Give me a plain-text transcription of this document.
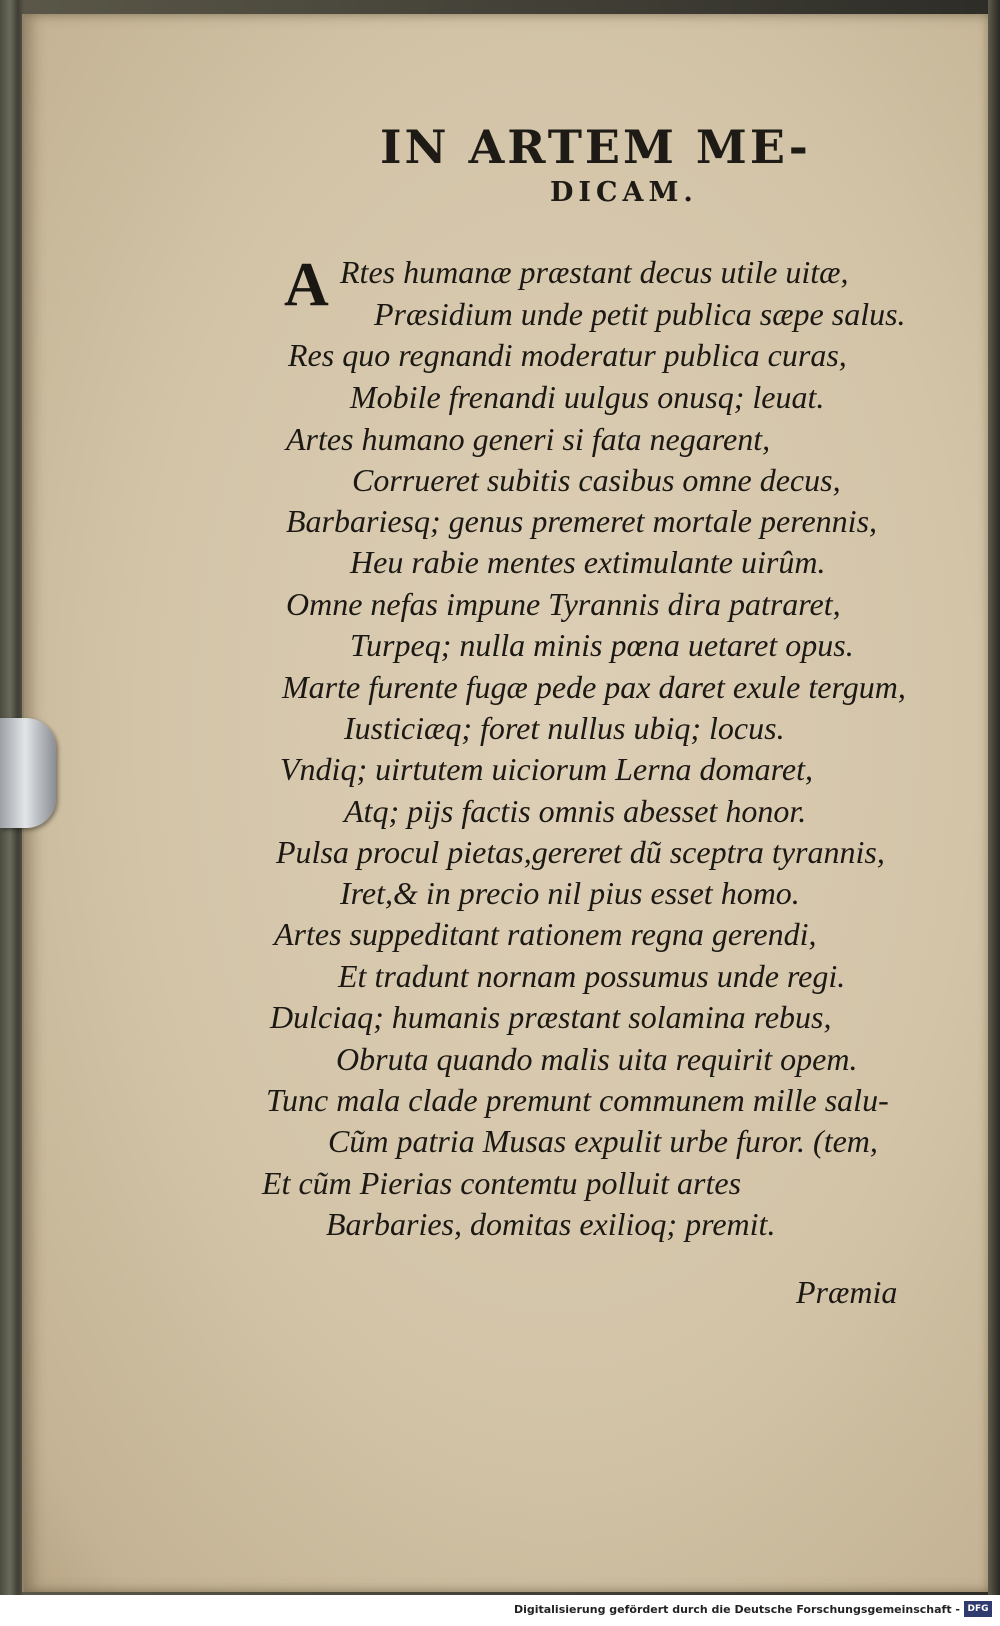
IN ARTEM ME-
DICAM.
A Rtes humanæ præstant decus utile uitæ,
Præsidium unde petit publica sæpe salus.
Res quo regnandi moderatur publica curas,
Mobile frenandi uulgus onusq; leuat.
Artes humano generi si fata negarent,
Corrueret subitis casibus omne decus,
Barbariesq; genus premeret mortale perennis,
Heu rabie mentes extimulante uirûm.
Omne nefas impune Tyrannis dira patraret,
Turpeq; nulla minis pœna uetaret opus.
Marte furente fugæ pede pax daret exule tergum,
Iusticiæq; foret nullus ubiq; locus.
Vndiq; uirtutem uiciorum Lerna domaret,
Atq; pijs factis omnis abesset honor.
Pulsa procul pietas,gereret dũ sceptra tyrannis,
Iret,& in precio nil pius esset homo.
Artes suppeditant rationem regna gerendi,
Et tradunt nornam possumus unde regi.
Dulciaq; humanis præstant solamina rebus,
Obruta quando malis uita requirit opem.
Tunc mala clade premunt communem mille salu-
Cũm patria Musas expulit urbe furor. (tem,
Et cũm Pierias contemtu polluit artes
Barbaries, domitas exilioq; premit.
Præmia
Digitalisierung gefördert durch die Deutsche Forschungsgemeinschaft - DFG
